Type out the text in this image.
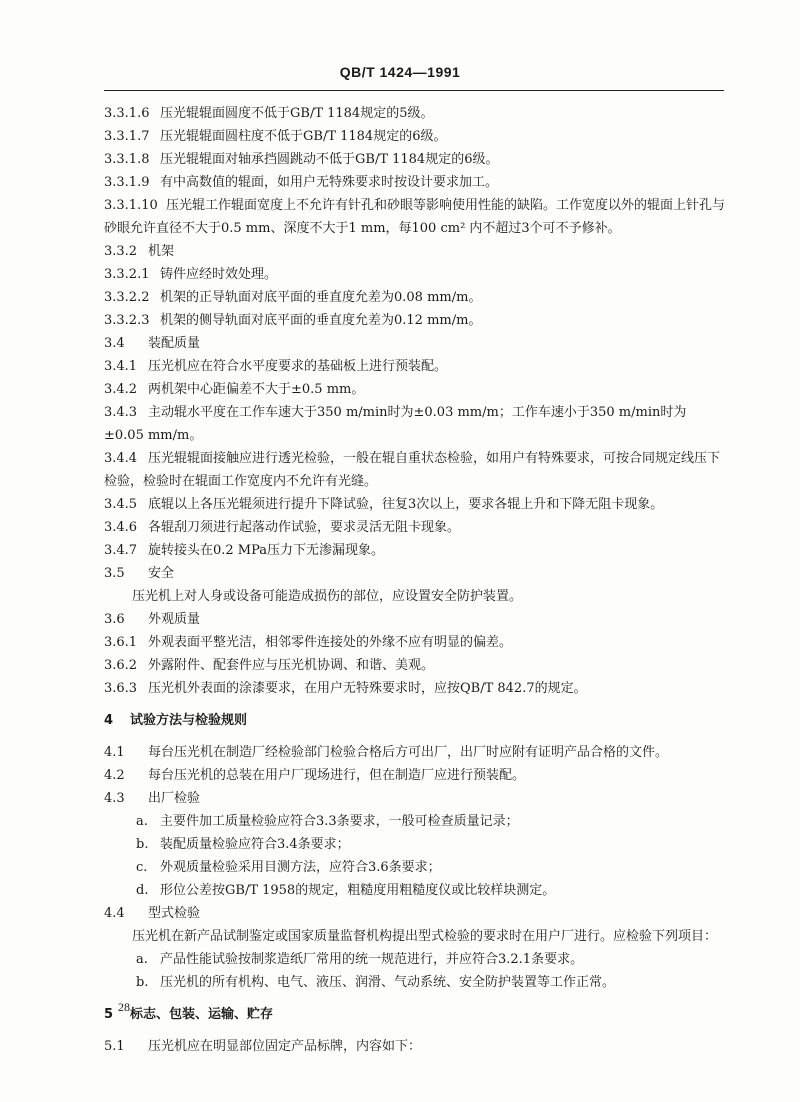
QB/T 1424—1991
3.3.1.6 压光辊辊面圆度不低于GB/T 1184规定的5级。
3.3.1.7 压光辊辊面圆柱度不低于GB/T 1184规定的6级。
3.3.1.8 压光辊辊面对轴承挡圆跳动不低于GB/T 1184规定的6级。
3.3.1.9 有中高数值的辊面，如用户无特殊要求时按设计要求加工。
3.3.1.10 压光辊工作辊面宽度上不允许有针孔和砂眼等影响使用性能的缺陷。工作宽度以外的辊面上针孔与砂眼允许直径不大于0.5 mm、深度不大于1 mm，每100 cm² 内不超过3个可不予修补。
3.3.2 机架
3.3.2.1 铸件应经时效处理。
3.3.2.2 机架的正导轨面对底平面的垂直度允差为0.08 mm/m。
3.3.2.3 机架的侧导轨面对底平面的垂直度允差为0.12 mm/m。
3.4 装配质量
3.4.1 压光机应在符合水平度要求的基础板上进行预装配。
3.4.2 两机架中心距偏差不大于±0.5 mm。
3.4.3 主动辊水平度在工作车速大于350 m/min时为±0.03 mm/m；工作车速小于350 m/min时为±0.05 mm/m。
3.4.4 压光辊辊面接触应进行透光检验，一般在辊自重状态检验，如用户有特殊要求，可按合同规定线压下检验，检验时在辊面工作宽度内不允许有光缝。
3.4.5 底辊以上各压光辊须进行提升下降试验，往复3次以上，要求各辊上升和下降无阻卡现象。
3.4.6 各辊刮刀须进行起落动作试验，要求灵活无阻卡现象。
3.4.7 旋转接头在0.2 MPa压力下无渗漏现象。
3.5 安全
压光机上对人身或设备可能造成损伤的部位，应设置安全防护装置。
3.6 外观质量
3.6.1 外观表面平整光洁，相邻零件连接处的外缘不应有明显的偏差。
3.6.2 外露附件、配套件应与压光机协调、和谐、美观。
3.6.3 压光机外表面的涂漆要求，在用户无特殊要求时，应按QB/T 842.7的规定。
4 试验方法与检验规则
4.1 每台压光机在制造厂经检验部门检验合格后方可出厂，出厂时应附有证明产品合格的文件。
4.2 每台压光机的总装在用户厂现场进行，但在制造厂应进行预装配。
4.3 出厂检验
a. 主要件加工质量检验应符合3.3条要求，一般可检查质量记录；
b. 装配质量检验应符合3.4条要求；
c. 外观质量检验采用目测方法，应符合3.6条要求；
d. 形位公差按GB/T 1958的规定，粗糙度用粗糙度仪或比较样块测定。
4.4 型式检验
压光机在新产品试制鉴定或国家质量监督机构提出型式检验的要求时在用户厂进行。应检验下列项目：
a. 产品性能试验按制浆造纸厂常用的统一规范进行，并应符合3.2.1条要求。
b. 压光机的所有机构、电气、液压、润滑、气动系统、安全防护装置等工作正常。
5 标志、包装、运输、贮存
5.1 压光机应在明显部位固定产品标牌，内容如下：
28
